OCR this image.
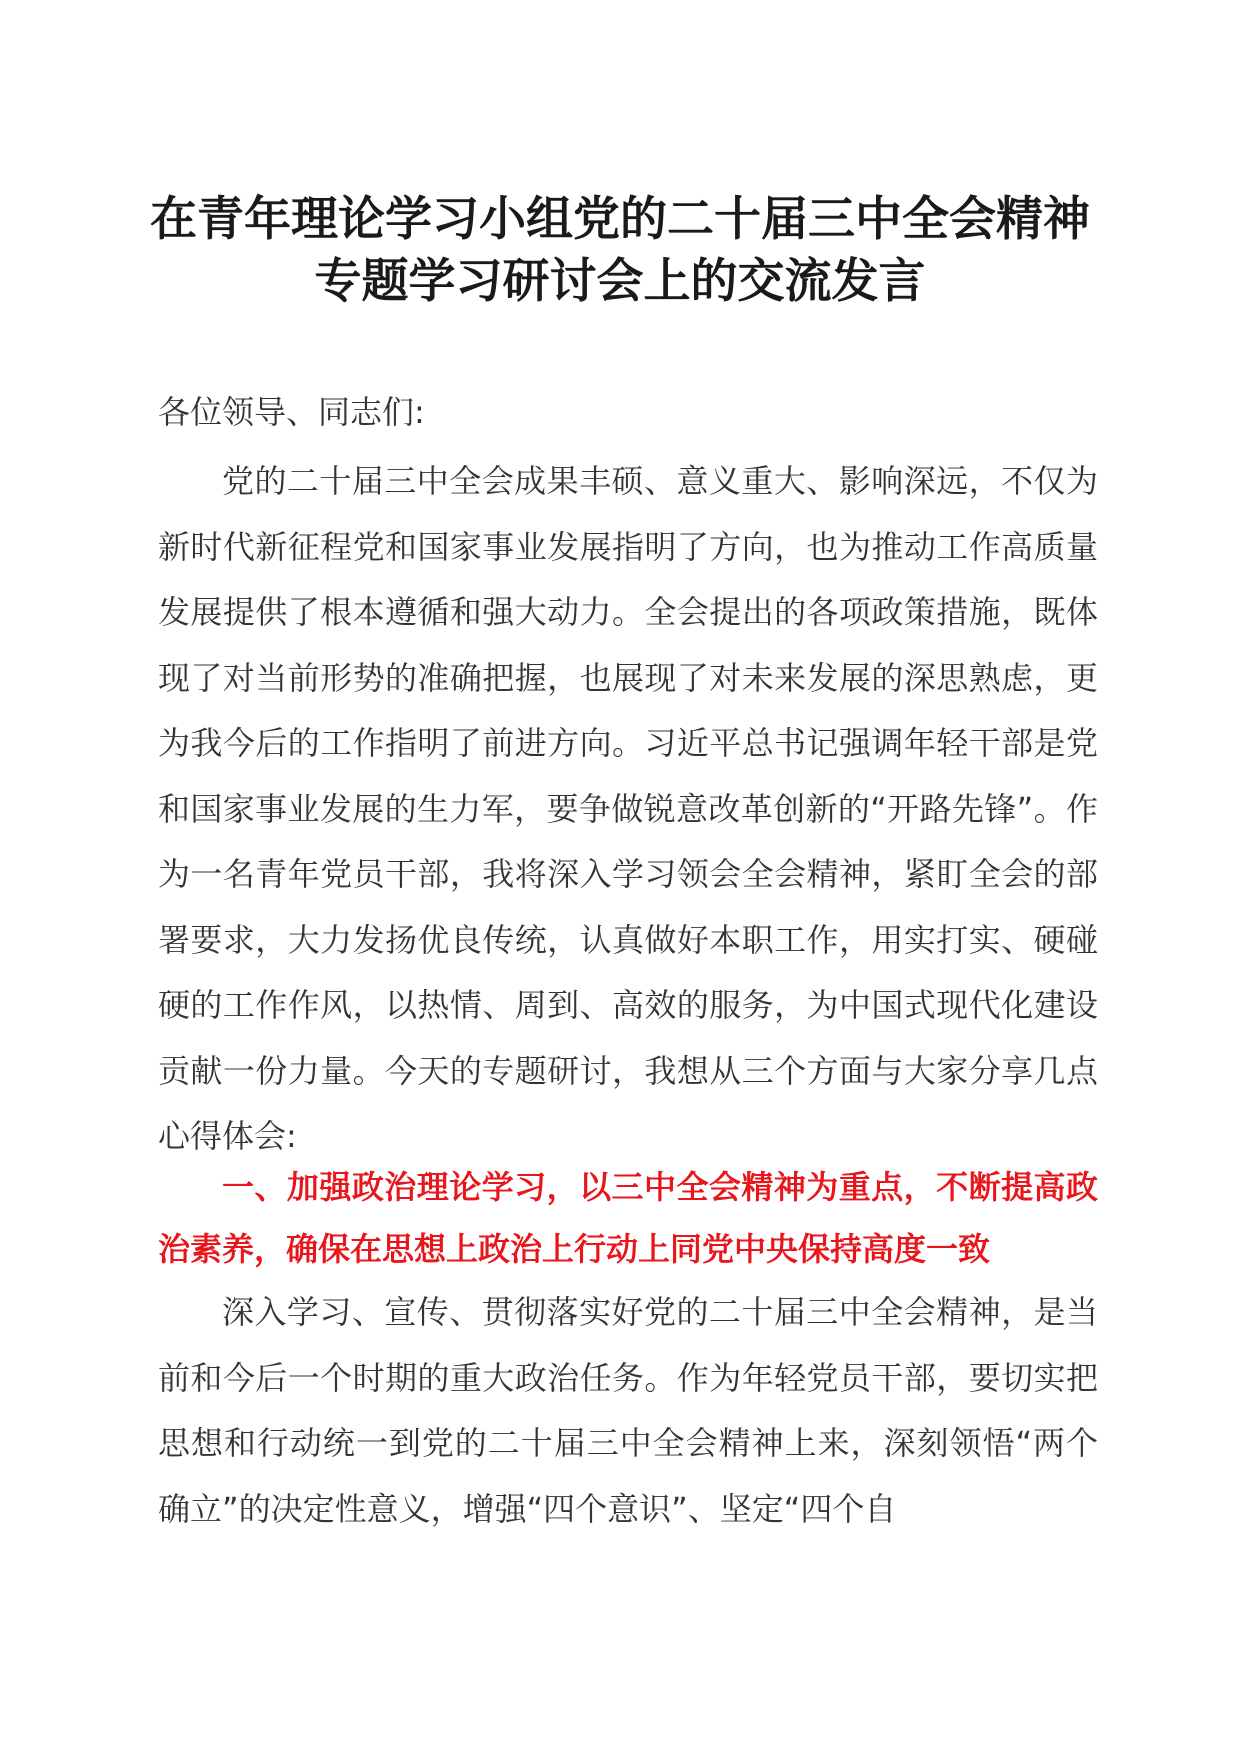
在青年理论学习小组党的二十届三中全会精神
专题学习研讨会上的交流发言

各位领导、同志们:

党的二十届三中全会成果丰硕、意义重大、影响深远，不仅为新时代新征程党和国家事业发展指明了方向，也为推动工作高质量发展提供了根本遵循和强大动力。全会提出的各项政策措施，既体现了对当前形势的准确把握，也展现了对未来发展的深思熟虑，更为我今后的工作指明了前进方向。习近平总书记强调年轻干部是党和国家事业发展的生力军，要争做锐意改革创新的“开路先锋”。作为一名青年党员干部，我将深入学习领会全会精神，紧盯全会的部署要求，大力发扬优良传统，认真做好本职工作，用实打实、硬碰硬的工作作风，以热情、周到、高效的服务，为中国式现代化建设贡献一份力量。今天的专题研讨，我想从三个方面与大家分享几点心得体会:

一、加强政治理论学习，以三中全会精神为重点，不断提高政治素养，确保在思想上政治上行动上同党中央保持高度一致

深入学习、宣传、贯彻落实好党的二十届三中全会精神，是当前和今后一个时期的重大政治任务。作为年轻党员干部，要切实把思想和行动统一到党的二十届三中全会精神上来，深刻领悟“两个确立”的决定性意义，增强“四个意识”、坚定“四个自
